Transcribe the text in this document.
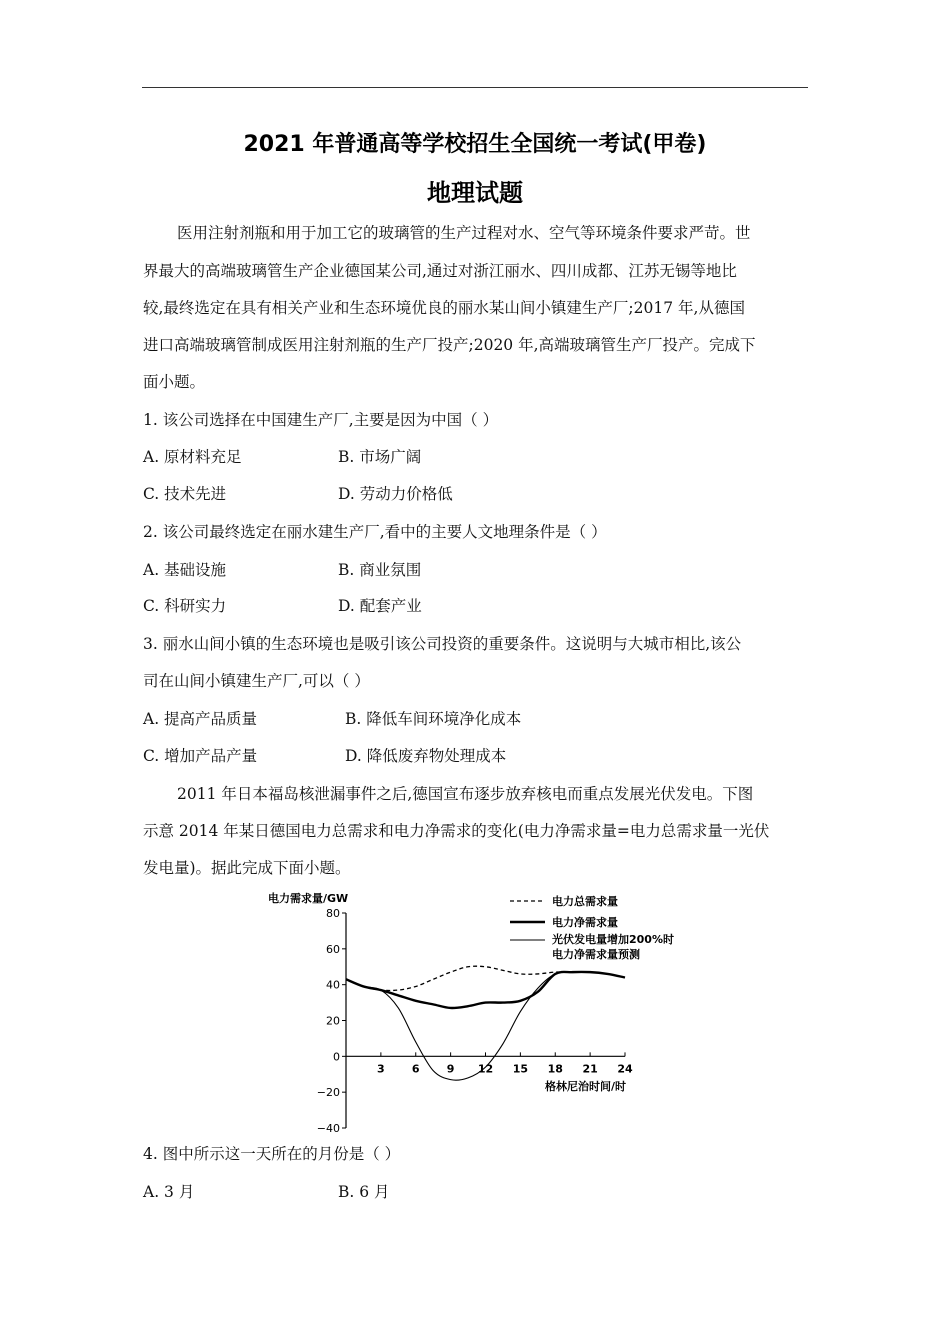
2021 年普通高等学校招生全国统一考试(甲卷)
地理试题
医用注射剂瓶和用于加工它的玻璃管的生产过程对水、空气等环境条件要求严苛。世
界最大的高端玻璃管生产企业德国某公司,通过对浙江丽水、四川成都、江苏无锡等地比
较,最终选定在具有相关产业和生态环境优良的丽水某山间小镇建生产厂;2017 年,从德国
进口高端玻璃管制成医用注射剂瓶的生产厂投产;2020 年,高端玻璃管生产厂投产。完成下
面小题。
1. 该公司选择在中国建生产厂,主要是因为中国（ ）
A. 原材料充足	B. 市场广阔
C. 技术先进	D. 劳动力价格低
2. 该公司最终选定在丽水建生产厂,看中的主要人文地理条件是（ ）
A. 基础设施	B. 商业氛围
C. 科研实力	D. 配套产业
3. 丽水山间小镇的生态环境也是吸引该公司投资的重要条件。这说明与大城市相比,该公
司在山间小镇建生产厂,可以（ ）
A. 提高产品质量	B. 降低车间环境净化成本
C. 增加产品产量	D. 降低废弃物处理成本
2011 年日本福岛核泄漏事件之后,德国宣布逐步放弃核电而重点发展光伏发电。下图
示意 2014 年某日德国电力总需求和电力净需求的变化(电力净需求量=电力总需求量一光伏
发电量)。据此完成下面小题。
80
60
40
20
0
−20
−40
3 6 9 12 15 18 21 24
电力需求量/GW
格林尼治时间/时
电力总需求量
电力净需求量
光伏发电量增加200%时
电力净需求量预测
4. 图中所示这一天所在的月份是（ ）
A. 3 月	B. 6 月
